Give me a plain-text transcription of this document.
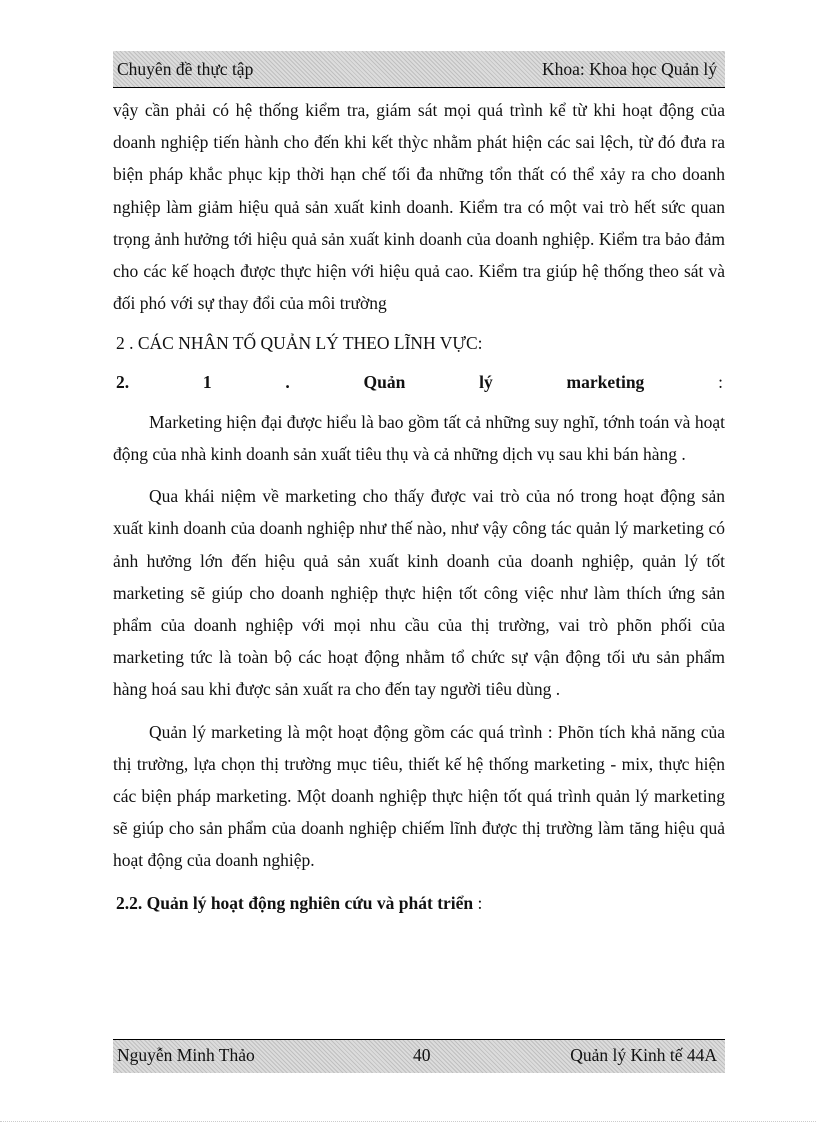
Chuyên đề thực tập	Khoa: Khoa học Quản lý

vậy cần phải có hệ thống kiểm tra, giám sát mọi quá trình kể từ khi hoạt động của doanh nghiệp tiến hành cho đến khi kết thỳc nhằm phát hiện các sai lệch, từ đó đưa ra biện pháp khắc phục kịp thời hạn chế tối đa những tổn thất có thể xảy ra cho doanh nghiệp làm giảm hiệu quả sản xuất kinh doanh. Kiểm tra có một vai trò hết sức quan trọng ảnh hưởng tới hiệu quả sản xuất kinh doanh của doanh nghiệp. Kiểm tra bảo đảm cho các kế hoạch được thực hiện với hiệu quả cao. Kiểm tra giúp hệ thống theo sát và đối phó với sự thay đổi của môi trường

2 . CÁC NHÂN TỐ QUẢN LÝ THEO LĨNH VỰC:

2.	1	.	Quản	lý	marketing	:

Marketing hiện đại được hiểu là bao gồm tất cả những suy nghĩ, tớnh toán và hoạt động của nhà kinh doanh sản xuất tiêu thụ và cả những dịch vụ sau khi bán hàng .

Qua khái niệm về marketing cho thấy được vai trò của nó trong hoạt động sản xuất kinh doanh của doanh nghiệp như thế nào, như vậy công tác quản lý marketing có ảnh hưởng lớn đến hiệu quả sản xuất kinh doanh của doanh nghiệp, quản lý tốt marketing sẽ giúp cho doanh nghiệp thực hiện tốt công việc như làm thích ứng sản phẩm của doanh nghiệp với mọi nhu cầu của thị trường, vai trò phõn phối của marketing tức là toàn bộ các hoạt động nhằm tổ chức sự vận động tối ưu sản phẩm hàng hoá sau khi được sản xuất ra cho đến tay người tiêu dùng .

Quản lý marketing là một hoạt động gồm các quá trình : Phõn tích khả năng của thị trường, lựa chọn thị trường mục tiêu, thiết kế hệ thống marketing - mix, thực hiện các biện pháp marketing. Một doanh nghiệp thực hiện tốt quá trình quản lý marketing sẽ giúp cho sản phẩm của doanh nghiệp chiếm lĩnh được thị trường làm tăng hiệu quả hoạt động của doanh nghiệp.

2.2. Quản lý hoạt động nghiên cứu và phát triển :

Nguyễn Minh Thảo	40	Quản lý Kinh tế 44A
